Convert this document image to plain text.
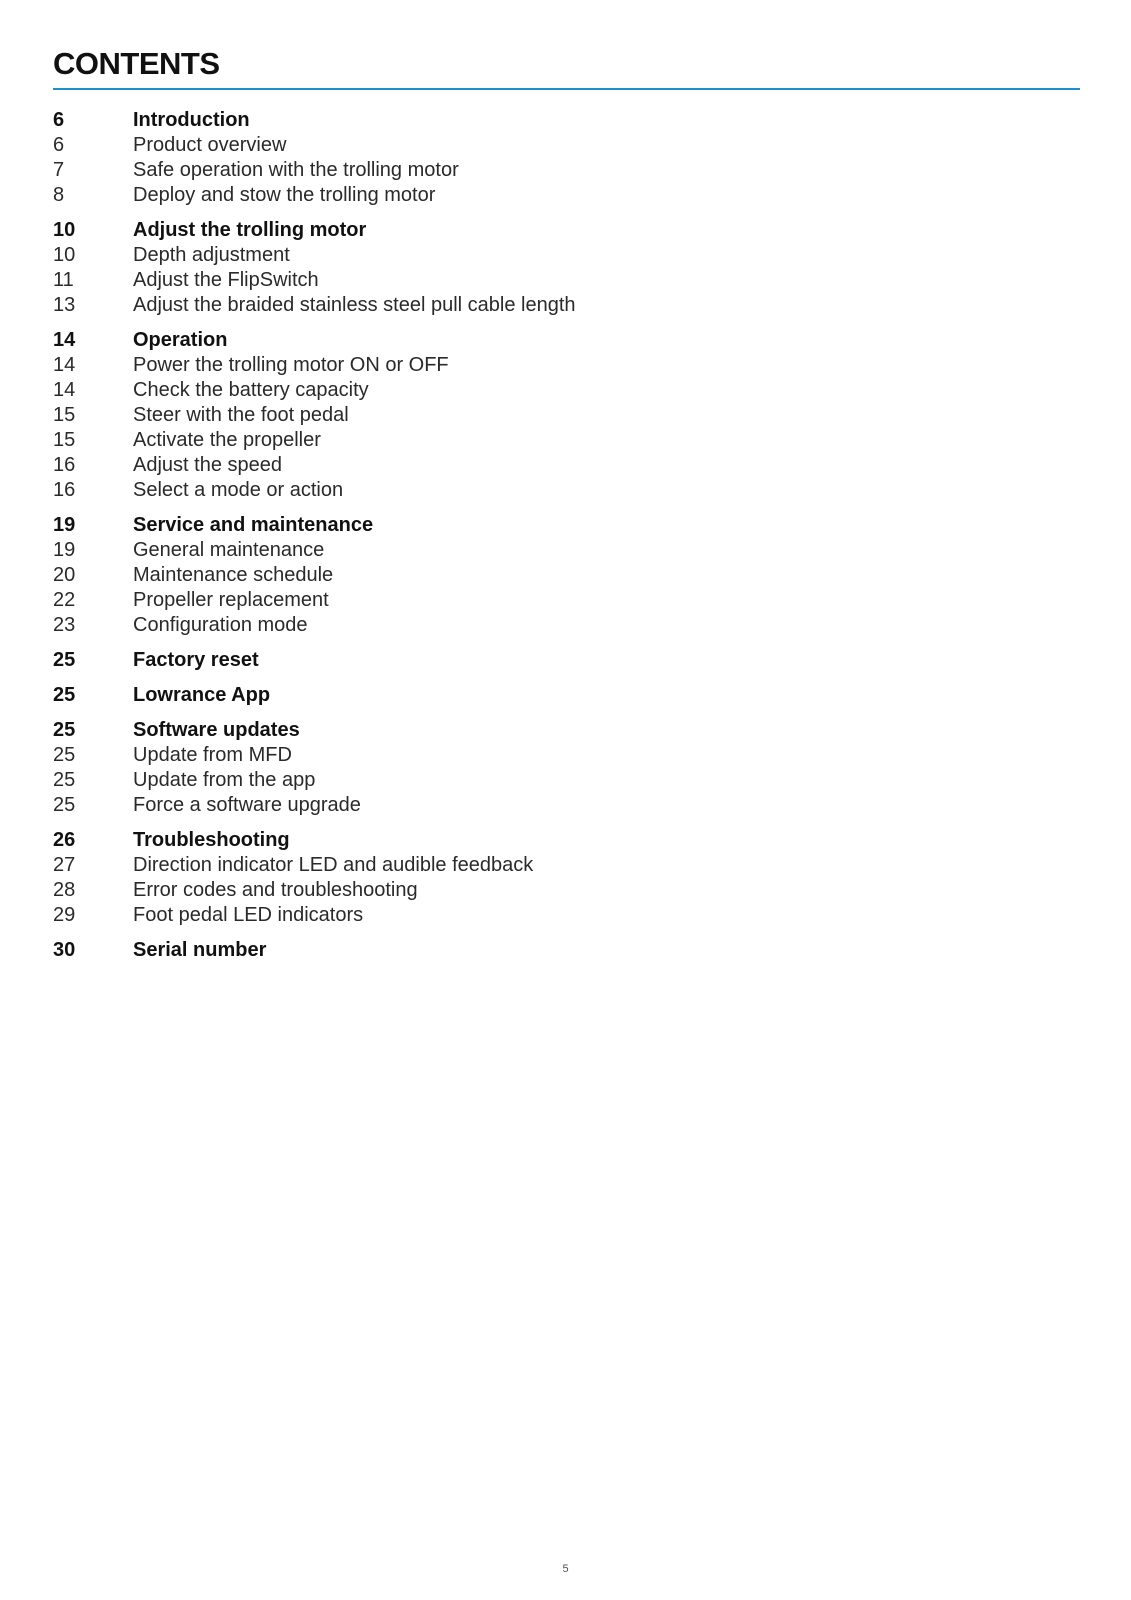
CONTENTS
6	Introduction
6	Product overview
7	Safe operation with the trolling motor
8	Deploy and stow the trolling motor
10	Adjust the trolling motor
10	Depth adjustment
11	Adjust the FlipSwitch
13	Adjust the braided stainless steel pull cable length
14	Operation
14	Power the trolling motor ON or OFF
14	Check the battery capacity
15	Steer with the foot pedal
15	Activate the propeller
16	Adjust the speed
16	Select a mode or action
19	Service and maintenance
19	General maintenance
20	Maintenance schedule
22	Propeller replacement
23	Configuration mode
25	Factory reset
25	Lowrance App
25	Software updates
25	Update from MFD
25	Update from the app
25	Force a software upgrade
26	Troubleshooting
27	Direction indicator LED and audible feedback
28	Error codes and troubleshooting
29	Foot pedal LED indicators
30	Serial number
5
